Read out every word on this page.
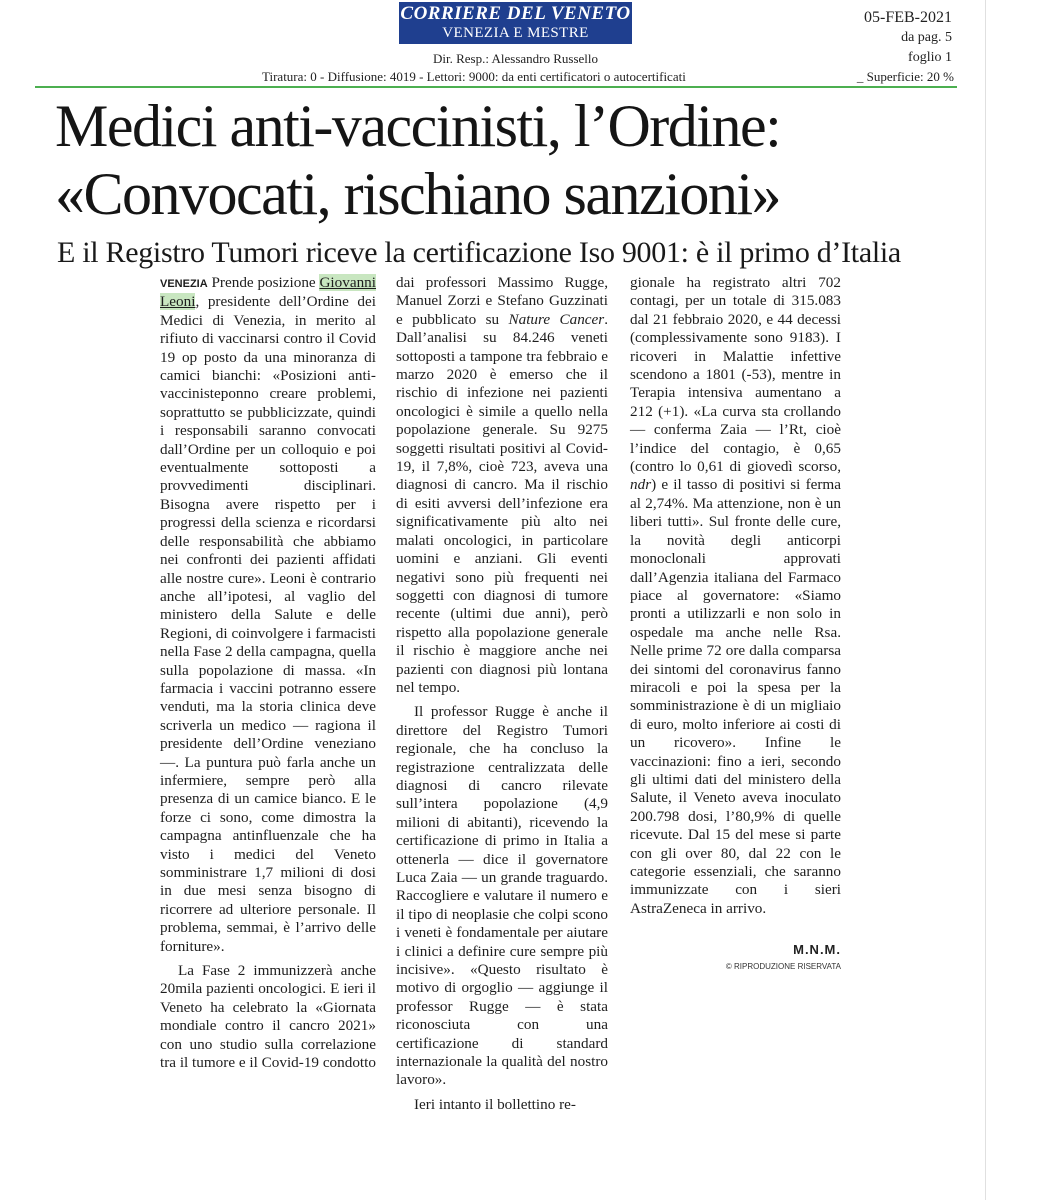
CORRIERE DEL VENETO
VENEZIA E MESTRE
05-FEB-2021
da pag. 5
foglio 1
Dir. Resp.: Alessandro Russello
Tiratura: 0 - Diffusione: 4019 - Lettori: 9000: da enti certificatori o autocertificati	_ Superficie: 20 %
Medici anti-vaccinisti, l’Ordine:
«Convocati, rischiano sanzioni»
E il Registro Tumori riceve la certificazione Iso 9001: è il primo d’Italia

VENEZIA Prende posizione Giovanni Leoni, presidente dell’Ordine dei Medici di Venezia, in merito al rifiuto di vaccinarsi contro il Covid 19 op posto da una minoranza di camici bianchi: «Posizioni anti-vaccinisteponno creare problemi, soprattutto se pubblicizzate, quindi i responsabili saranno convocati dall’Ordine per un colloquio e poi eventualmente sottoposti a provvedimenti disciplinari. Bisogna avere rispetto per i progressi della scienza e ricordarsi delle responsabilità che abbiamo nei confronti dei pazienti affidati alle nostre cure». Leoni è contrario anche all’ipotesi, al vaglio del ministero della Salute e delle Regioni, di coinvolgere i farmacisti nella Fase 2 della campagna, quella sulla popolazione di massa. «In farmacia i vaccini potranno essere venduti, ma la storia clinica deve scriverla un medico — ragiona il presidente dell’Ordine veneziano —. La puntura può farla anche un infermiere, sempre però alla presenza di un camice bianco. E le forze ci sono, come dimostra la campagna antinfluenzale che ha visto i medici del Veneto somministrare 1,7 milioni di dosi in due mesi senza bisogno di ricorrere ad ulteriore personale. Il problema, semmai, è l’arrivo delle forniture».

La Fase 2 immunizzerà anche 20mila pazienti oncologici. E ieri il Veneto ha celebrato la «Giornata mondiale contro il cancro 2021» con uno studio sulla correlazione tra il tumore e il Covid-19 condotto

dai professori Massimo Rugge, Manuel Zorzi e Stefano Guzzinati e pubblicato su Nature Cancer. Dall’analisi su 84.246 veneti sottoposti a tampone tra febbraio e marzo 2020 è emerso che il rischio di infezione nei pazienti oncologici è simile a quello nella popolazione generale. Su 9275 soggetti risultati positivi al Covid-19, il 7,8%, cioè 723, aveva una diagnosi di cancro. Ma il rischio di esiti avversi dell’infezione era significativamente più alto nei malati oncologici, in particolare uomini e anziani. Gli eventi negativi sono più frequenti nei soggetti con diagnosi di tumore recente (ultimi due anni), però rispetto alla popolazione generale il rischio è maggiore anche nei pazienti con diagnosi più lontana nel tempo.

Il professor Rugge è anche il direttore del Registro Tumori regionale, che ha concluso la registrazione centralizzata delle diagnosi di cancro rilevate sull’intera popolazione (4,9 milioni di abitanti), ricevendo la certificazione di primo in Italia a ottenerla — dice il governatore Luca Zaia — un grande traguardo. Raccogliere e valutare il numero e il tipo di neoplasie che colpi scono i veneti è fondamentale per aiutare i clinici a definire cure sempre più incisive». «Questo risultato è motivo di orgoglio — aggiunge il professor Rugge — è stata riconosciuta con una certificazione di standard internazionale la qualità del nostro lavoro».

Ieri intanto il bollettino re-

gionale ha registrato altri 702 contagi, per un totale di 315.083 dal 21 febbraio 2020, e 44 decessi (complessivamente sono 9183). I ricoveri in Malattie infettive scendono a 1801 (-53), mentre in Terapia intensiva aumentano a 212 (+1). «La curva sta crollando — conferma Zaia — l’Rt, cioè l’indice del contagio, è 0,65 (contro lo 0,61 di giovedì scorso, ndr) e il tasso di positivi si ferma al 2,74%. Ma attenzione, non è un liberi tutti». Sul fronte delle cure, la novità degli anticorpi monoclonali approvati dall’Agenzia italiana del Farmaco piace al governatore: «Siamo pronti a utilizzarli e non solo in ospedale ma anche nelle Rsa. Nelle prime 72 ore dalla comparsa dei sintomi del coronavirus fanno miracoli e poi la spesa per la somministrazione è di un migliaio di euro, molto inferiore ai costi di un ricovero». Infine le vaccinazioni: fino a ieri, secondo gli ultimi dati del ministero della Salute, il Veneto aveva inoculato 200.798 dosi, l’80,9% di quelle ricevute. Dal 15 del mese si parte con gli over 80, dal 22 con le categorie essenziali, che saranno immunizzate con i sieri AstraZeneca in arrivo.

M.N.M.
© RIPRODUZIONE RISERVATA
